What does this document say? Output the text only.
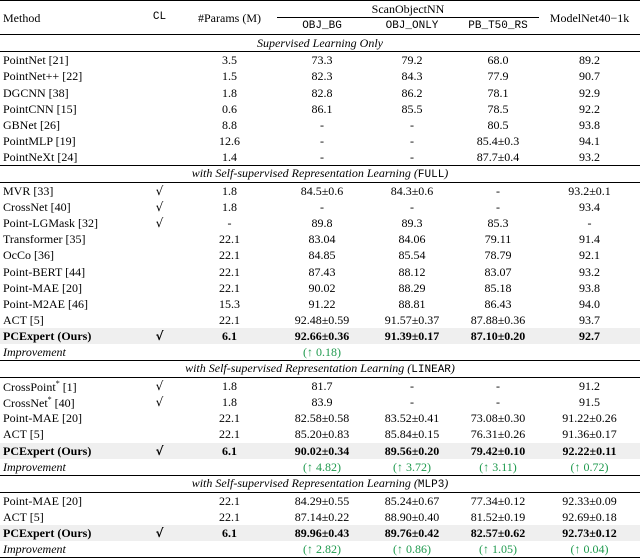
Method	CL	#Params (M)	ScanObjectNN			ModelNet40−1k
			OBJ_BG	OBJ_ONLY	PB_T50_RS	
Supervised Learning Only						
PointNet [21]		3.5	73.3	79.2	68.0	89.2
PointNet++ [22]		1.5	82.3	84.3	77.9	90.7
DGCNN [38]		1.8	82.8	86.2	78.1	92.9
PointCNN [15]		0.6	86.1	85.5	78.5	92.2
GBNet [26]		8.8	-	-	80.5	93.8
PointMLP [19]		12.6	-	-	85.4±0.3	94.1
PointNeXt [24]		1.4	-	-	87.7±0.4	93.2
with Self-supervised Representation Learning (FULL)						
MVR [33]	√	1.8	84.5±0.6	84.3±0.6	-	93.2±0.1
CrossNet [40]	√	1.8	-	-	-	93.4
Point-LGMask [32]	√	-	89.8	89.3	85.3	-
Transformer [35]		22.1	83.04	84.06	79.11	91.4
OcCo [36]		22.1	84.85	85.54	78.79	92.1
Point-BERT [44]		22.1	87.43	88.12	83.07	93.2
Point-MAE [20]		22.1	90.02	88.29	85.18	93.8
Point-M2AE [46]		15.3	91.22	88.81	86.43	94.0
ACT [5]		22.1	92.48±0.59	91.57±0.37	87.88±0.36	93.7
PCExpert (Ours)	√	6.1	92.66±0.36	91.39±0.17	87.10±0.20	92.7
Improvement			(↑ 0.18)			
with Self-supervised Representation Learning (LINEAR)						
CrossPoint* [1]	√	1.8	81.7	-	-	91.2
CrossNet* [40]	√	1.8	83.9	-	-	91.5
Point-MAE [20]		22.1	82.58±0.58	83.52±0.41	73.08±0.30	91.22±0.26
ACT [5]		22.1	85.20±0.83	85.84±0.15	76.31±0.26	91.36±0.17
PCExpert (Ours)	√	6.1	90.02±0.34	89.56±0.20	79.42±0.10	92.22±0.11
Improvement			(↑ 4.82)	(↑ 3.72)	(↑ 3.11)	(↑ 0.72)
with Self-supervised Representation Learning (MLP3)						
Point-MAE [20]		22.1	84.29±0.55	85.24±0.67	77.34±0.12	92.33±0.09
ACT [5]		22.1	87.14±0.22	88.90±0.40	81.52±0.19	92.69±0.18
PCExpert (Ours)	√	6.1	89.96±0.43	89.76±0.42	82.57±0.62	92.73±0.12
Improvement			(↑ 2.82)	(↑ 0.86)	(↑ 1.05)	(↑ 0.04)
